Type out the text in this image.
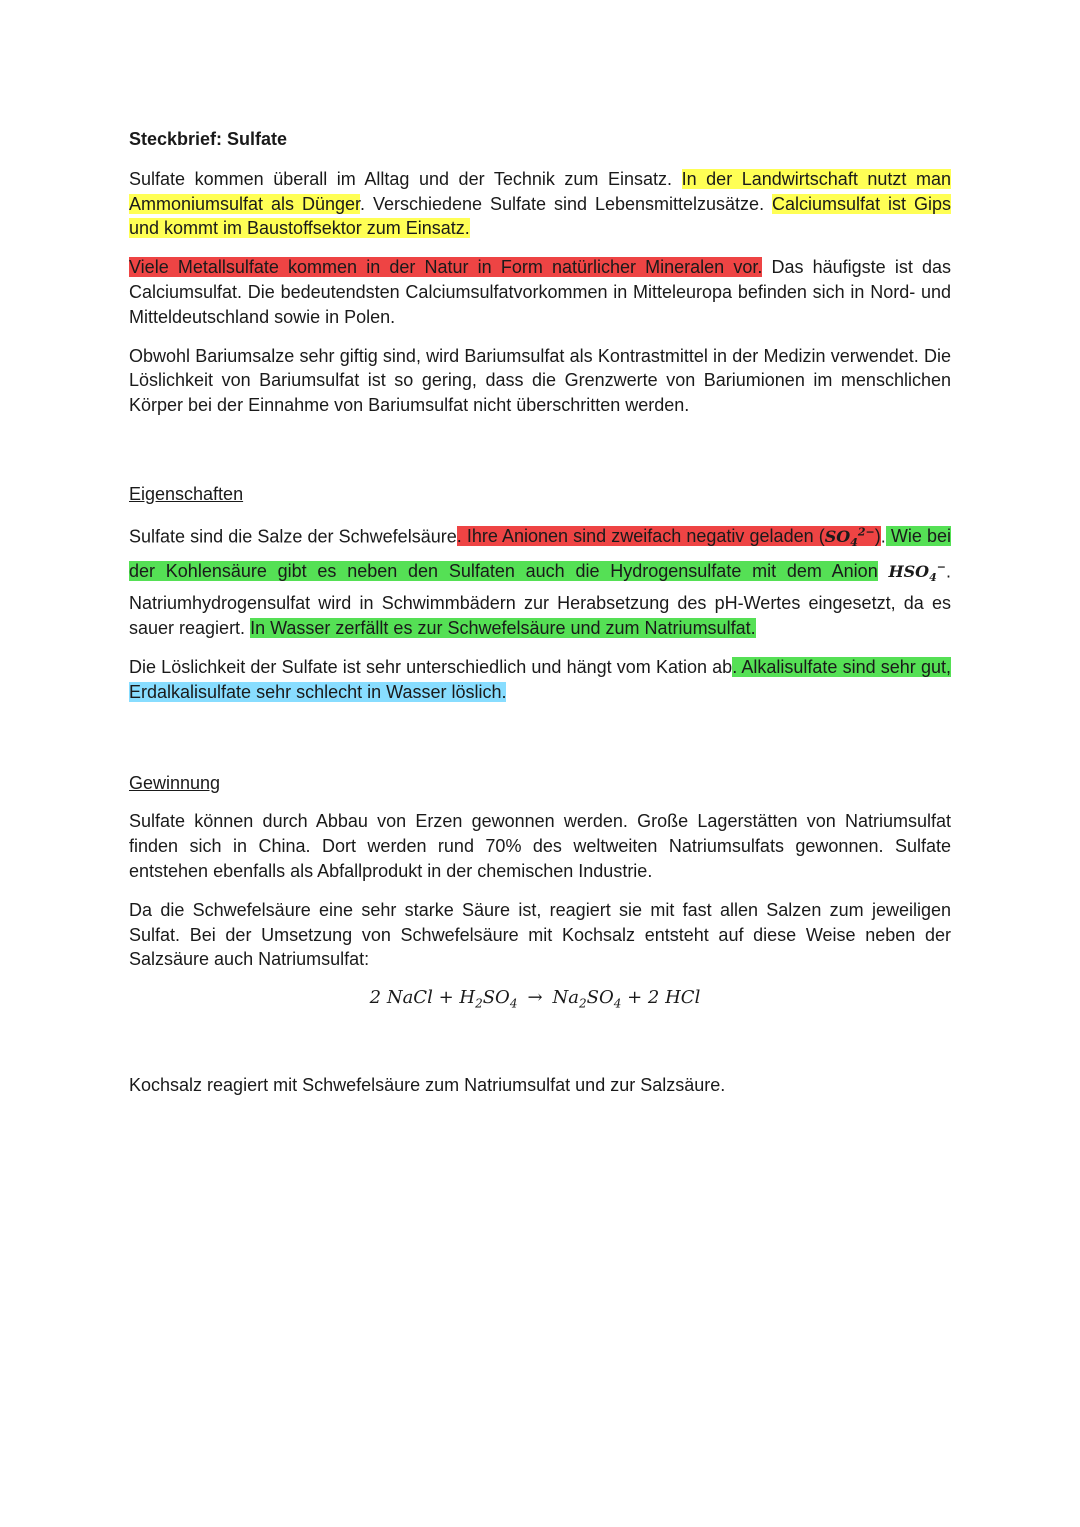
Steckbrief: Sulfate

Sulfate kommen überall im Alltag und der Technik zum Einsatz. In der Landwirtschaft nutzt man Ammoniumsulfat als Dünger. Verschiedene Sulfate sind Lebensmittelzusätze. Calciumsulfat ist Gips und kommt im Baustoffsektor zum Einsatz.

Viele Metallsulfate kommen in der Natur in Form natürlicher Mineralen vor. Das häufigste ist das Calciumsulfat. Die bedeutendsten Calciumsulfatvorkommen in Mitteleuropa befinden sich in Nord- und Mitteldeutschland sowie in Polen.

Obwohl Bariumsalze sehr giftig sind, wird Bariumsulfat als Kontrastmittel in der Medizin verwendet. Die Löslichkeit von Bariumsulfat ist so gering, dass die Grenzwerte von Bariumionen im menschlichen Körper bei der Einnahme von Bariumsulfat nicht überschritten werden.

Eigenschaften

Sulfate sind die Salze der Schwefelsäure. Ihre Anionen sind zweifach negativ geladen $(SO_4^{2-})$. Wie bei der Kohlensäure gibt es neben den Sulfaten auch die Hydrogensulfate mit dem Anion $HSO_4^-$. Natriumhydrogensulfat wird in Schwimmbädern zur Herabsetzung des pH-Wertes eingesetzt, da es sauer reagiert. In Wasser zerfällt es zur Schwefelsäure und zum Natriumsulfat.

Die Löslichkeit der Sulfate ist sehr unterschiedlich und hängt vom Kation ab. Alkalisulfate sind sehr gut, Erdalkalisulfate sehr schlecht in Wasser löslich.

Gewinnung

Sulfate können durch Abbau von Erzen gewonnen werden. Große Lagerstätten von Natriumsulfat finden sich in China. Dort werden rund 70% des weltweiten Natriumsulfats gewonnen. Sulfate entstehen ebenfalls als Abfallprodukt in der chemischen Industrie.

Da die Schwefelsäure eine sehr starke Säure ist, reagiert sie mit fast allen Salzen zum jeweiligen Sulfat. Bei der Umsetzung von Schwefelsäure mit Kochsalz entsteht auf diese Weise neben der Salzsäure auch Natriumsulfat:

2 NaCl + $H_2SO_4 \to Na_2SO_4 + 2$ HCl

Kochsalz reagiert mit Schwefelsäure zum Natriumsulfat und zur Salzsäure.
